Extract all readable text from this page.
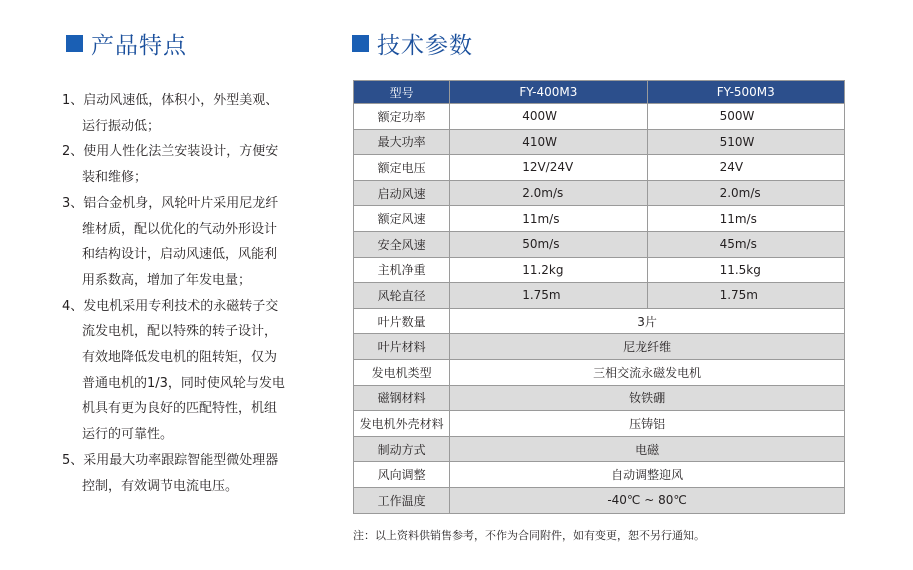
产品特点	技术参数
1、启动风速低，体积小，外型美观、
运行振动低；
2、使用人性化法兰安装设计，方便安
装和维修；
3、铝合金机身，风轮叶片采用尼龙纤
维材质，配以优化的气动外形设计
和结构设计，启动风速低，风能利
用系数高，增加了年发电量；
4、发电机采用专利技术的永磁转子交
流发电机，配以特殊的转子设计，
有效地降低发电机的阻转矩，仅为
普通电机的1/3，同时使风轮与发电
机具有更为良好的匹配特性，机组
运行的可靠性。
5、采用最大功率跟踪智能型微处理器
控制，有效调节电流电压。
型号	FY-400M3	FY-500M3
额定功率	400W	500W
最大功率	410W	510W
额定电压	12V/24V	24V
启动风速	2.0m/s	2.0m/s
额定风速	11m/s	11m/s
安全风速	50m/s	45m/s
主机净重	11.2kg	11.5kg
风轮直径	1.75m	1.75m
叶片数量	3片	
叶片材料	尼龙纤维	
发电机类型	三相交流永磁发电机	
磁钢材料	钕铁硼	
发电机外壳材料	压铸铝	
制动方式	电磁	
风向调整	自动调整迎风	
工作温度	-40℃ ~ 80℃	
注：以上资料供销售参考，不作为合同附件，如有变更，恕不另行通知。
